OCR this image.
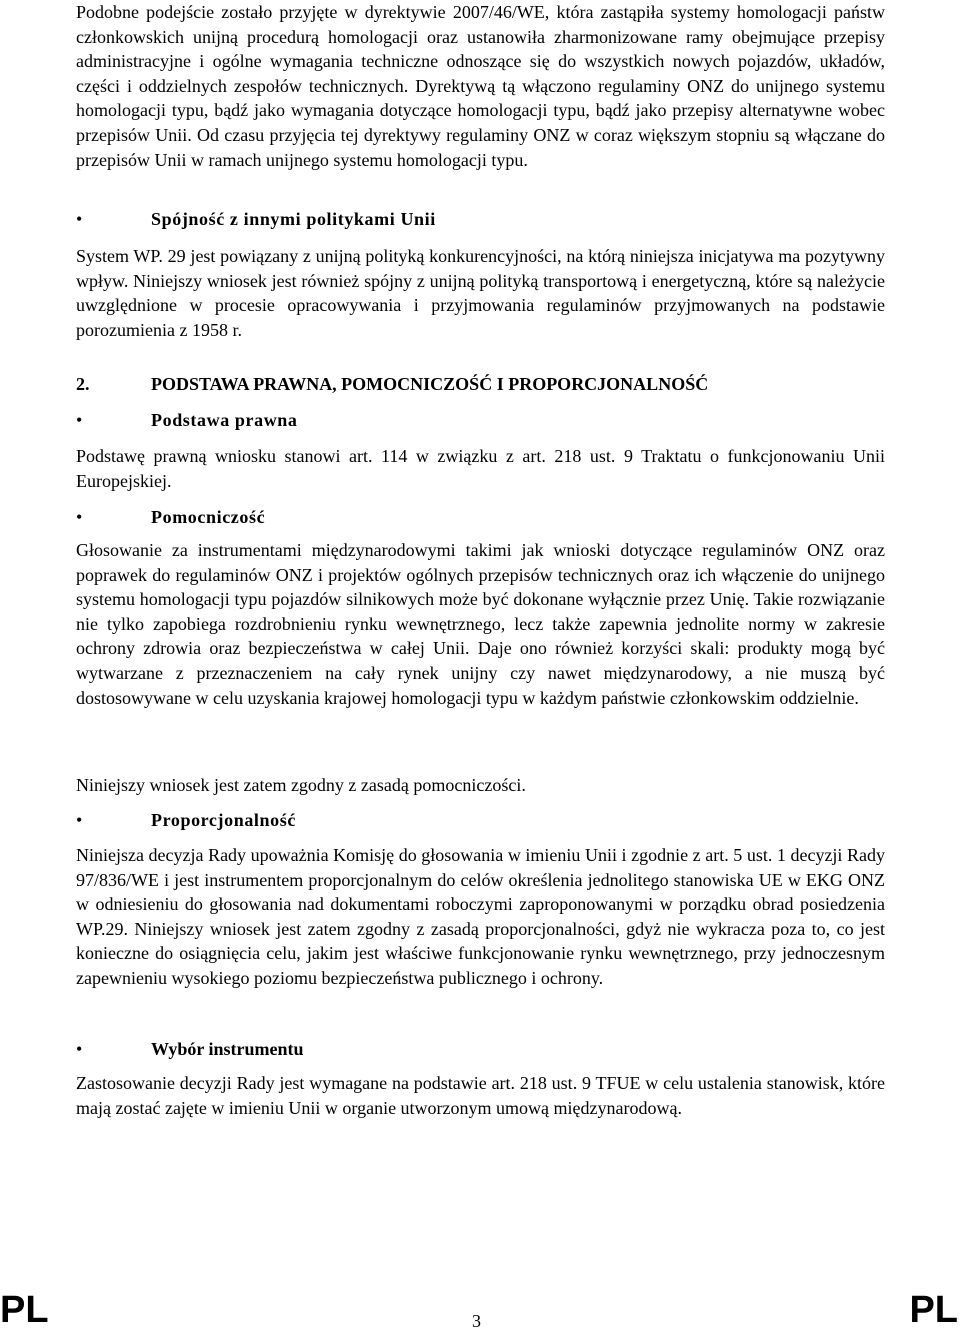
Podobne podejście zostało przyjęte w dyrektywie 2007/46/WE, która zastąpiła systemy homologacji państw członkowskich unijną procedurą homologacji oraz ustanowiła zharmonizowane ramy obejmujące przepisy administracyjne i ogólne wymagania techniczne odnoszące się do wszystkich nowych pojazdów, układów, części i oddzielnych zespołów technicznych. Dyrektywą tą włączono regulaminy ONZ do unijnego systemu homologacji typu, bądź jako wymagania dotyczące homologacji typu, bądź jako przepisy alternatywne wobec przepisów Unii. Od czasu przyjęcia tej dyrektywy regulaminy ONZ w coraz większym stopniu są włączane do przepisów Unii w ramach unijnego systemu homologacji typu.

•	Spójność z innymi politykami Unii

System WP. 29 jest powiązany z unijną polityką konkurencyjności, na którą niniejsza inicjatywa ma pozytywny wpływ. Niniejszy wniosek jest również spójny z unijną polityką transportową i energetyczną, które są należycie uwzględnione w procesie opracowywania i przyjmowania regulaminów przyjmowanych na podstawie porozumienia z 1958 r.

2.	PODSTAWA PRAWNA, POMOCNICZOŚĆ I PROPORCJONALNOŚĆ
•	Podstawa prawna

Podstawę prawną wniosku stanowi art. 114 w związku z art. 218 ust. 9 Traktatu o funkcjonowaniu Unii Europejskiej.

•	Pomocniczość

Głosowanie za instrumentami międzynarodowymi takimi jak wnioski dotyczące regulaminów ONZ oraz poprawek do regulaminów ONZ i projektów ogólnych przepisów technicznych oraz ich włączenie do unijnego systemu homologacji typu pojazdów silnikowych może być dokonane wyłącznie przez Unię. Takie rozwiązanie nie tylko zapobiega rozdrobnieniu rynku wewnętrznego, lecz także zapewnia jednolite normy w zakresie ochrony zdrowia oraz bezpieczeństwa w całej Unii. Daje ono również korzyści skali: produkty mogą być wytwarzane z przeznaczeniem na cały rynek unijny czy nawet międzynarodowy, a nie muszą być dostosowywane w celu uzyskania krajowej homologacji typu w każdym państwie członkowskim oddzielnie.

Niniejszy wniosek jest zatem zgodny z zasadą pomocniczości.

•	Proporcjonalność

Niniejsza decyzja Rady upoważnia Komisję do głosowania w imieniu Unii i zgodnie z art. 5 ust. 1 decyzji Rady 97/836/WE i jest instrumentem proporcjonalnym do celów określenia jednolitego stanowiska UE w EKG ONZ w odniesieniu do głosowania nad dokumentami roboczymi zaproponowanymi w porządku obrad posiedzenia WP.29. Niniejszy wniosek jest zatem zgodny z zasadą proporcjonalności, gdyż nie wykracza poza to, co jest konieczne do osiągnięcia celu, jakim jest właściwe funkcjonowanie rynku wewnętrznego, przy jednoczesnym zapewnieniu wysokiego poziomu bezpieczeństwa publicznego i ochrony.

•	Wybór instrumentu

Zastosowanie decyzji Rady jest wymagane na podstawie art. 218 ust. 9 TFUE w celu ustalenia stanowisk, które mają zostać zajęte w imieniu Unii w organie utworzonym umową międzynarodową.

PL	3	PL
